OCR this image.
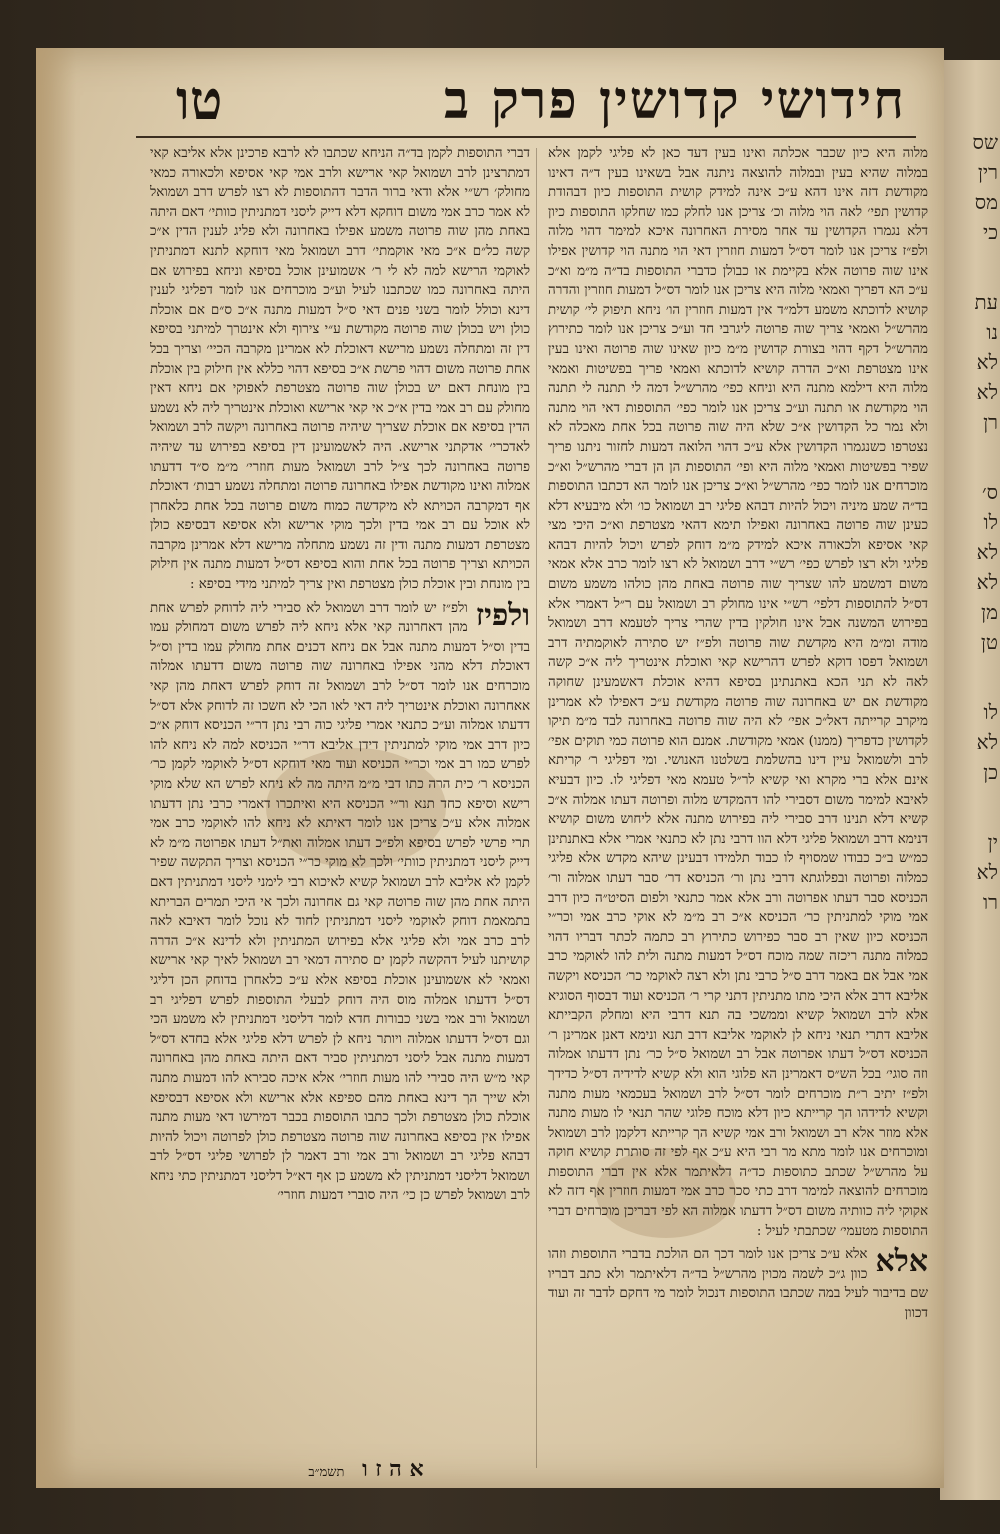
שס
רין
מס
כי
עת
נו
לא
לא
רן
ס׳
לו
לא
לא
מן
טן
לו
לא
כן
ין
לא
רו
חידושי קדושין פרק ב
טו

מלוה היא כיון שכבר אכלתה ואינו בעין דעד כאן לא פליגי לקמן אלא במלוה שהיא בעין ובמלוה להוצאה ניתנה אבל בשאינו בעין ד״ה דאינו מקודשת דזה אינו דהא ע״כ אינה למידק קושית התוספות כיון דבהודת קדושין תפי׳ לאה הוי מלוה וכ׳ צריכן אנו לחלק כמו שחלקו התוספות כיון דלא נגמרו הקדושין עד אחר מסירת האחרונה איכא למימר דהוי מלוה ולפ״ז צריכן אנו לומר דס״ל דמעות חוזרין דאי הוי מתנה הוי קדושין אפילו אינו שוה פרוטה אלא בקיימת או כבולן כדברי התוספות בד״ה מ״מ וא״כ ע״כ הא דפריך ואמאי מלוה היא צריכן אנו לומר דס״ל דמעות חוזרין והדרה קושיא לדוכתא משמע דלמ״ד אין דמעות חוזרין הו׳ ניחא תיפוק לי׳ קושית מהרש״ל ואמאי צריך שוה פרוטה ליגרבי חד וע״כ צריכן אנו לומר כתירוץ מהרש״ל דקף דהוי בצורת קדושין מ״מ כיון שאינו שוה פרוטה ואינו בעין אינו מצטרפת וא״כ הדרה קושיא לדוכתא ואמאי פריך בפשיטות ואמאי מלוה היא דילמא מתנה היא וניחא כפי׳ מהרש״ל דמה לי תתנה לי תתנה הוי מקודשת או תתנה וע״כ צריכן אנו לומר כפי׳ התוספות דאי הוי מתנה ולא נמר כל הקדושין א״כ שלא היה שוה פרוטה בכל אחת מאכלה לא נצטרפו כשנגמרו הקדושין אלא ע״כ דהוי הלואה דמעות לחזור ניתנו פריך שפיר בפשיטות ואמאי מלוה היא ופי׳ התוספות הן הן דברי מהרש״ל וא״כ מוכרחים אנו לומר כפי׳ מהרש״ל וא״כ צריכן אנו לומר הא דכתבו התוספות בד״ה שמע מיניה ויכול להיות דבהא פליגי רב ושמואל כו׳ ולא מיבעיא דלא כעינן שוה פרוטה באחרונה ואפילו תימא דהאי מצטרפת וא״כ היכי מצי קאי אסיפא ולכאורה איכא למידק מ״מ דוחק לפרש ויכול להיות דבהא פליגי ולא רצו לפרש כפי׳ רש״י דרב ושמואל לא רצו לומר כרב אלא אמאי משום דמשמע להו שצריך שוה פרוטה באחת מהן כולהו משמע משום דס״ל להתוספות דלפי׳ רש״י אינו מחולק רב ושמואל עם ר״ל דאמרי אלא בפירוש המשנה אבל אינו חולקין בדין שהרי צריך לטעמא דרב ושמואל מודה ומ״מ היא מקדשת שוה פרוטה ולפ״ז יש סתירה לאוקמתיה דרב ושמואל דפסו דוקא לפרש דהרישא קאי ואוכלת אינטריך ליה א״כ קשה לאה לא תני הכא באתנתינן בסיפא דהיא אוכלת דאשמעינן שחוקה מקודשת אם יש באחרונה שוה פרוטה מקודשת ע״כ דאפילו לא אמרינן מיקרב קרייתה דאל״כ אפי׳ לא היה שוה פרוטה באחרונה לבד מ״מ תיקו לקדושין כדפריך (ממנו) אמאי מקודשת. אמנם הוא פרוטה כמי תוקים אפי׳ לרב ולשמואל עיין דינו בהשלמת בשלטנו האנושי. ומי דפליגי ר׳ קריתא אינם אלא ברי מקרא ואי קשיא לר״ל טעמא מאי דפליגי לו. כיון דבעיא לאיבא למימר משום דסבירי להו דהמקדש מלוה ופרוטה דעתו אמלוה א״כ קשיא דלא תנינו דרב סבירי ליה בפירוש מתנה אלא ליחוש משום קושיא דנימא דרב ושמואל פליגי דלא הוו דרבי נתן לא כתנאי אמרי אלא באתנתינן כמ״ש ב״כ כבודו שמסויף לו כבוד תלמידו דבעינן שיהא מקדש אלא פליגי כמלוה ופרוטה ובפלוגתא דרבי נתן ור׳ הכניסא דר׳ סבר דעתו אמלוה ור׳ הכניסא סבר דעתו אפרוטה ורב אלא אמר כתנאי ולפום הסיט״ה כיון דרב אמי מוקי למתניתין כר׳ הכניסא א״כ רב מ״מ לא אוקי כרב אמי וכר״י הכניסא כיון שאין רב סבר כפירוש כתירוץ רב כתמה לכתר דבריו דהוי כמלוה מתנה ריכזה שמה מוכח דס״ל דמעות מתנה ולית להו לאוקמי כרב אמי אבל אם באמר דרב ס״ל כרבי נתן ולא רצה לאוקמי כר׳ הכניסא ויקשה אליבא דרב אלא היכי מתו מתניתין דתני קרי ר׳ הכניסא ועוד דבסוף הסוגיא אלא לרב ושמואל קשיא וממשכי בה תנא דרבי היא ומחלק הקבייתא אליבא דתרי תנאי ניחא לן לאוקמי אליבא דרב תנא ונימא דאנן אמרינן ר׳ הכניסא דס״ל דעתו אפרוטה אבל רב ושמואל ס״ל כר׳ נתן דדעתו אמלוה וזה סוגי׳ בכל הש״ס דאמרינן הא פלוגי הוא ולא קשיא לדידיה דס״ל כדידך ולפ״ז יתיב ר״ת מוכרחים לומר דס״ל לרב ושמואל בעכמאי מעות מתנה וקשיא לדידהו הך קרייתא כיון דלא מוכח פלוגי שהר תנאי לו מעות מתנה אלא מוזר אלא רב ושמואל ורב אמי קשיא הך קרייתא דלקמן לרב ושמואל ומוכרחים אנו לומר מתא מר רבי היא ע״כ אף לפי זה סותרת קושיא חוקה על מהרש״ל שכתב כתוספות כד״ה דלאיתמר אלא אין דברי התוספות מוכרחים להוצאה למימר דרב כתי סכר כרב אמי דמעות חוזרין אף דזה לא אקוקי ליה כוותיה משום דס״ל דדעתו אמלוה הא לפי דבריכן מוכרחים דברי התוספות מטעמי׳ שכתבתי לעיל :

אלא
אלא ע״כ צריכן אנו לומר דכך הם הולכת בדברי התוספות וזהו כוון ג״כ לשמה מכוין מהרש״ל בד״ה דלאיתמר ולא כתב דבריו שם בדיבור לעיל במה שכתבו התוספות דנכול לומר מי דחקם לדבר זה ועוד דכוון

דברי התוספות לקמן בד״ה הניחא שכתבו לא לרבא פרכינן אלא אליבא קאי דמתרצינן לרב ושמואל קאי ארישא ולרב אמי קאי אסיפא ולכאורה כמאי מחולק׳ רש״י אלא ודאי ברור הדבר דהתוספות לא רצו לפרש דרב ושמואל לא אמר כרב אמי משום דוחקא דלא דייק ליסני דמתניתין כוותי׳ דאם היתה באחת מהן שוה פרוטה משמע אפילו באחרונה ולא פליג לענין הדין א״כ קשה כל״ם א״כ מאי אוקמתי׳ דרב ושמואל מאי דוחקא לתנא דמתניתין לאוקמי הרישא למה לא לי ר׳ אשמועינן אוכל בסיפא וניחא בפירוש אם היתה באחרונה כמו שכתבנו לעיל וע״כ מוכרחים אנו לומר דפליגי לענין דינא וכולל לומר בשני פנים דאי ס״ל דמעות מתנה א״כ ס״ם אם אוכלת כולן ויש בכולן שוה פרוטה מקודשת ע״י צירוף ולא אינטרך למיתני בסיפא דין זה ומתחלה נשמע מרישא דאוכלת לא אמרינן מקרבה הכיי׳ וצריך בכל אחת פרוטה משום דהוי פרשת א״כ בסיפא דהוי כללא אין חילוק בין אוכלת בין מונחת דאם יש בכולן שוה פרוטה מצטרפת לאפוקי אם ניחא דאין מחולק עם רב אמי בדין א״כ אי קאי ארישא ואוכלת אינטריך ליה לא נשמע הדין בסיפא אם אוכלת שצריך שיהיה פרוטה באחרונה ויקשה לרב ושמואל לאדכרי׳ אדקתני ארישא. היה לאשמועינן דין בסיפא בפירוש עד שיהיה פרוטה באחרונה לכך צ״ל לרב ושמואל מעות חוזרי׳ מ״מ ס״ד דדעתו אמלוה ואינו מקודשת אפילו באחרונה פרוטה ומתחלה נשמע רבות׳ דאוכלת אף דמקרבה הכויתא לא מיקדשה כמוח משום פרוטה בכל אחת כלאחרן לא אוכל עם רב אמי בדין ולכך מוקי ארישא ולא אסיפא דבסיפא כולן מצטרפת דמעות מתנה ודין זה נשמע מתחלה מרישא דלא אמרינן מקרבה הכויתא וצריך פרוטה בכל אחת והוא בסיפא דס״ל דמעות מתנה אין חילוק בין מונחת ובין אוכלת כולן מצטרפת ואין צריך למיתני מידי בסיפא :

ולפיז
ולפ״ז יש לומר דרב ושמואל לא סבירי ליה לדוחק לפרש אחת מהן דאחרונה קאי אלא ניחא ליה לפרש משום דמחולק עמו בדין וס״ל דמעות מתנה אבל אם ניחא דכנים אחת מחולק עמו בדין וס״ל דאוכלת דלא מהני אפילו באחרונה שוה פרוטה משום דדעתו אמלוה מוכרחים אנו לומר דס״ל לרב ושמואל זה דוחק לפרש דאחת מהן קאי אאחרונה ואוכלת אינטריך ליה דאי לאו הכי לא חשכו זה לדוחק אלא דס״ל דדעתו אמלוה וע״כ כתנאי אמרי פליגי כוה רבי נתן דר״י הכניסא דוחק א״כ כיון דרב אמי מוקי למתניתין דידן אליבא דר״י הכניסא למה לא ניחא להו לפרש כמו רב אמי וכר״י הכניסא ועוד מאי דוחקא דס״ל לאוקמי לקמן כר׳ הכניסא ר׳ כית הרה כתו דבי מ״מ היתה מה לא ניחא לפרש הא שלא מוקי רישא וסיפא כחד תנא ור״י הכניסא היא ואיתכרו דאמרי כרבי נתן דדעתו אמלוה אלא ע״כ צריכן אנו לומר דאיתא לא ניחא להו לאוקמי כרב אמי תרי פרשי לפרש בסיפא ולפ״כ דעתו אמלוה ואת״ל דעתו אפרוטה מ״מ לא דייק ליסני דמתניתין כוותי׳ ולכך לא מוקי כר״י הכניסא וצריך התקשה שפיר לקמן לא אליבא לרב ושמואל קשיא לאיכוא רבי לימני ליסני דמתניתין דאם היתה אחת מהן שוה פרוטה קאי גם אחרונה ולכך אי היכי תמרים הבריתא בתמאמת דוחק לאוקמי ליסני דמתניתין לחוד לא נוכל לומר דאיבא לאה לרב כרב אמי ולא פליגי אלא בפירוש המתניתין ולא לדינא א״כ הדרה קושיתנו לעיל דהקשה לקמן ים סתירה דמאי רב ושמואל לאיך קאי ארישא ואמאי לא אשמועינן אוכלת בסיפא אלא ע״כ כלאחרן בדוחק הכן דליגי דס״ל דדעתו אמלוה מוס היה דוחק לבעלי התוספות לפרש דפליגי רב ושמואל ורב אמי בשני כבורות חדא לומר דליסני דמתניתין לא משמע הכי וגם דס״ל דדעתו אמלוה ויותר ניחא לן לפרש דלא פליגי אלא בחדא דס״ל דמעות מתנה אבל ליסני דמתניתין סביר דאם היתה באחת מהן באחרונה קאי מ״ש היה סבירי להו מעות חוזרי׳ אלא איכה סבירא להו דמעות מתנה ולא שייך הך דינא באחת מהם ספיפא אלא ארישא ולא אסיפא דבסיפא אוכלת כולן מצטרפת ולכך כתבו התוספות בכבר דמירשו דאי מעות מתנה אפילו אין בסיפא באחרונה שוה פרוטה מצטרפת כולן לפרוטה ויכול להיות דבהא פליגי רב ושמואל ורב אמי ורב דאמר לן לפרושי פליגי דס״ל לרב ושמואל דליסני דמתניתין לא משמע כן אף דא״ל דליסני דמתניתין כתי ניחא לרב ושמואל לפרש כן כי׳ היה סוברי דמעות חוזרי׳

א ה ז ו תשמ״ב
